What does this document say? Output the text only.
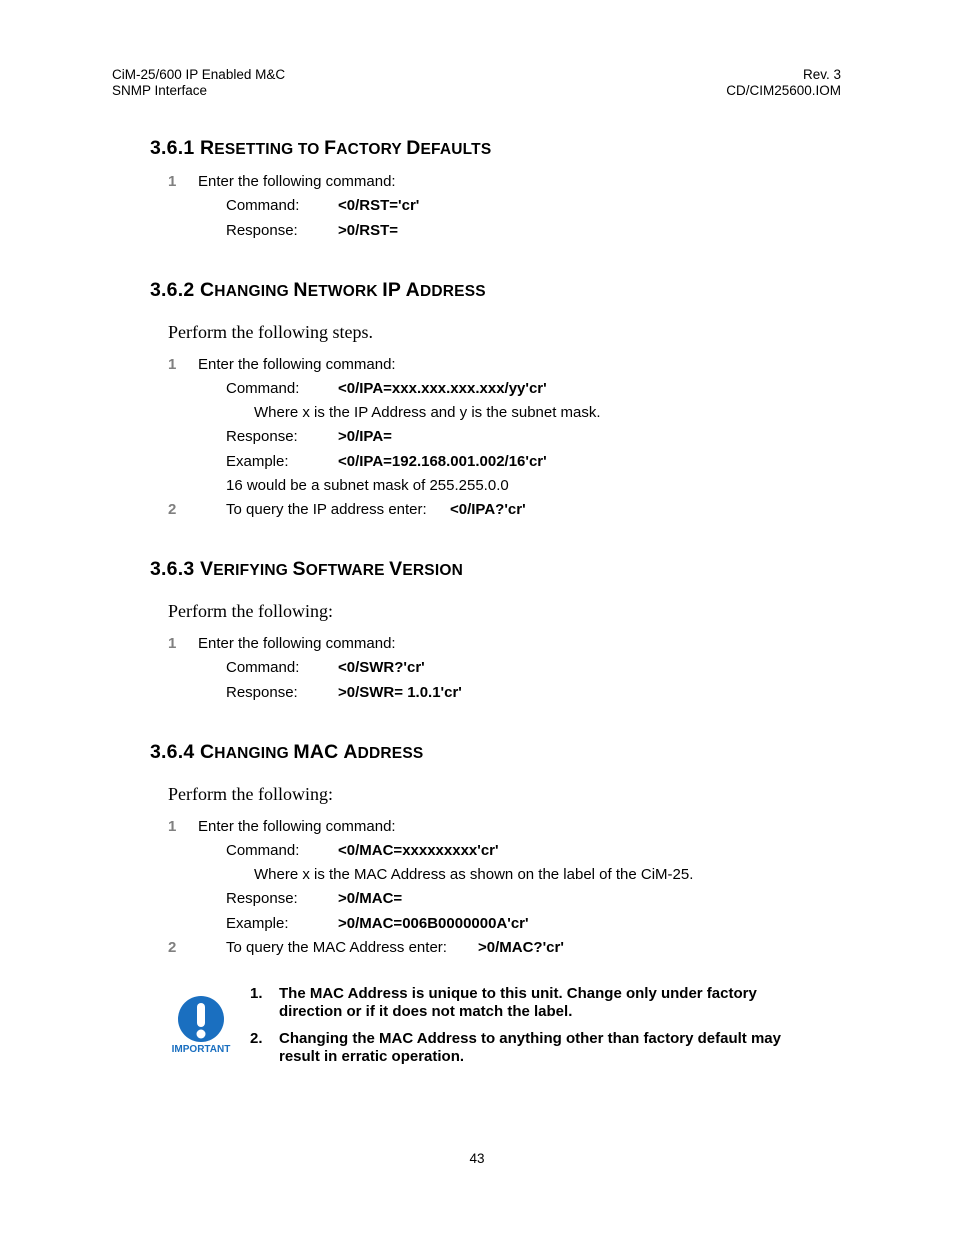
CiM-25/600 IP Enabled M&C
SNMP Interface
Rev. 3
CD/CIM25600.IOM
3.6.1 RESETTING TO FACTORY DEFAULTS
1 Enter the following command:
Command:	<0/RST='cr'
Response:	>0/RST=
3.6.2 CHANGING NETWORK IP ADDRESS
Perform the following steps.
1 Enter the following command:
Command:	<0/IPA=xxx.xxx.xxx.xxx/yy'cr'
Where x is the IP Address and y is the subnet mask.
Response:	>0/IPA=
Example:	<0/IPA=192.168.001.002/16'cr'
16 would be a subnet mask of 255.255.0.0
2	To query the IP address enter: <0/IPA?'cr'
3.6.3 VERIFYING SOFTWARE VERSION
Perform the following:
1 Enter the following command:
Command:	<0/SWR?'cr'
Response:	>0/SWR= 1.0.1'cr'
3.6.4 CHANGING MAC ADDRESS
Perform the following:
1 Enter the following command:
Command:	<0/MAC=xxxxxxxxx'cr'
Where x is the MAC Address as shown on the label of the CiM-25.
Response:	>0/MAC=
Example:	>0/MAC=006B0000000A'cr'
2	To query the MAC Address enter: >0/MAC?'cr'
IMPORTANT
1. The MAC Address is unique to this unit. Change only under factory direction or if it does not match the label.
2. Changing the MAC Address to anything other than factory default may result in erratic operation.
43
